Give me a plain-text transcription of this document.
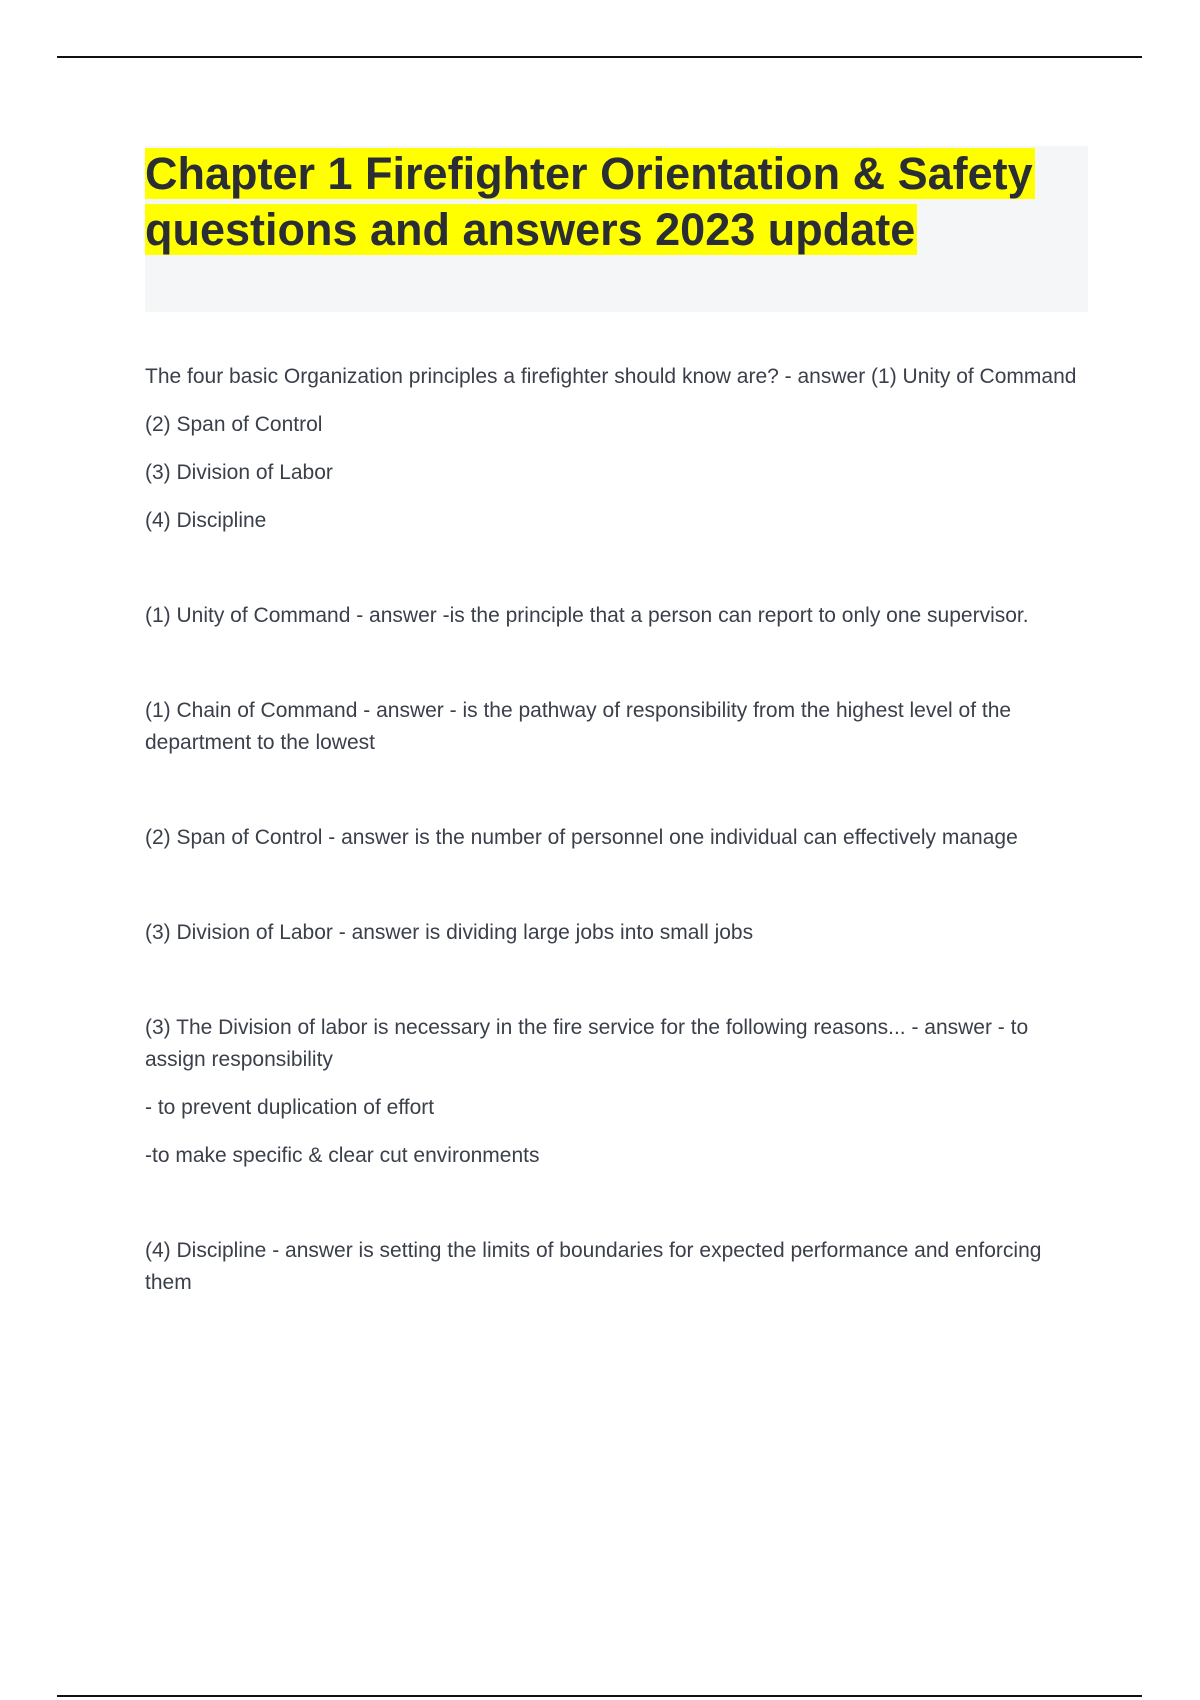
Chapter 1 Firefighter Orientation & Safety questions and answers 2023 update

The four basic Organization principles a firefighter should know are? - answer (1) Unity of Command

(2) Span of Control

(3) Division of Labor

(4) Discipline

(1) Unity of Command - answer -is the principle that a person can report to only one supervisor.

(1) Chain of Command - answer - is the pathway of responsibility from the highest level of the department to the lowest

(2) Span of Control - answer is the number of personnel one individual can effectively manage

(3) Division of Labor - answer is dividing large jobs into small jobs

(3) The Division of labor is necessary in the fire service for the following reasons... - answer - to assign responsibility

- to prevent duplication of effort

-to make specific & clear cut environments

(4) Discipline - answer is setting the limits of boundaries for expected performance and enforcing them
